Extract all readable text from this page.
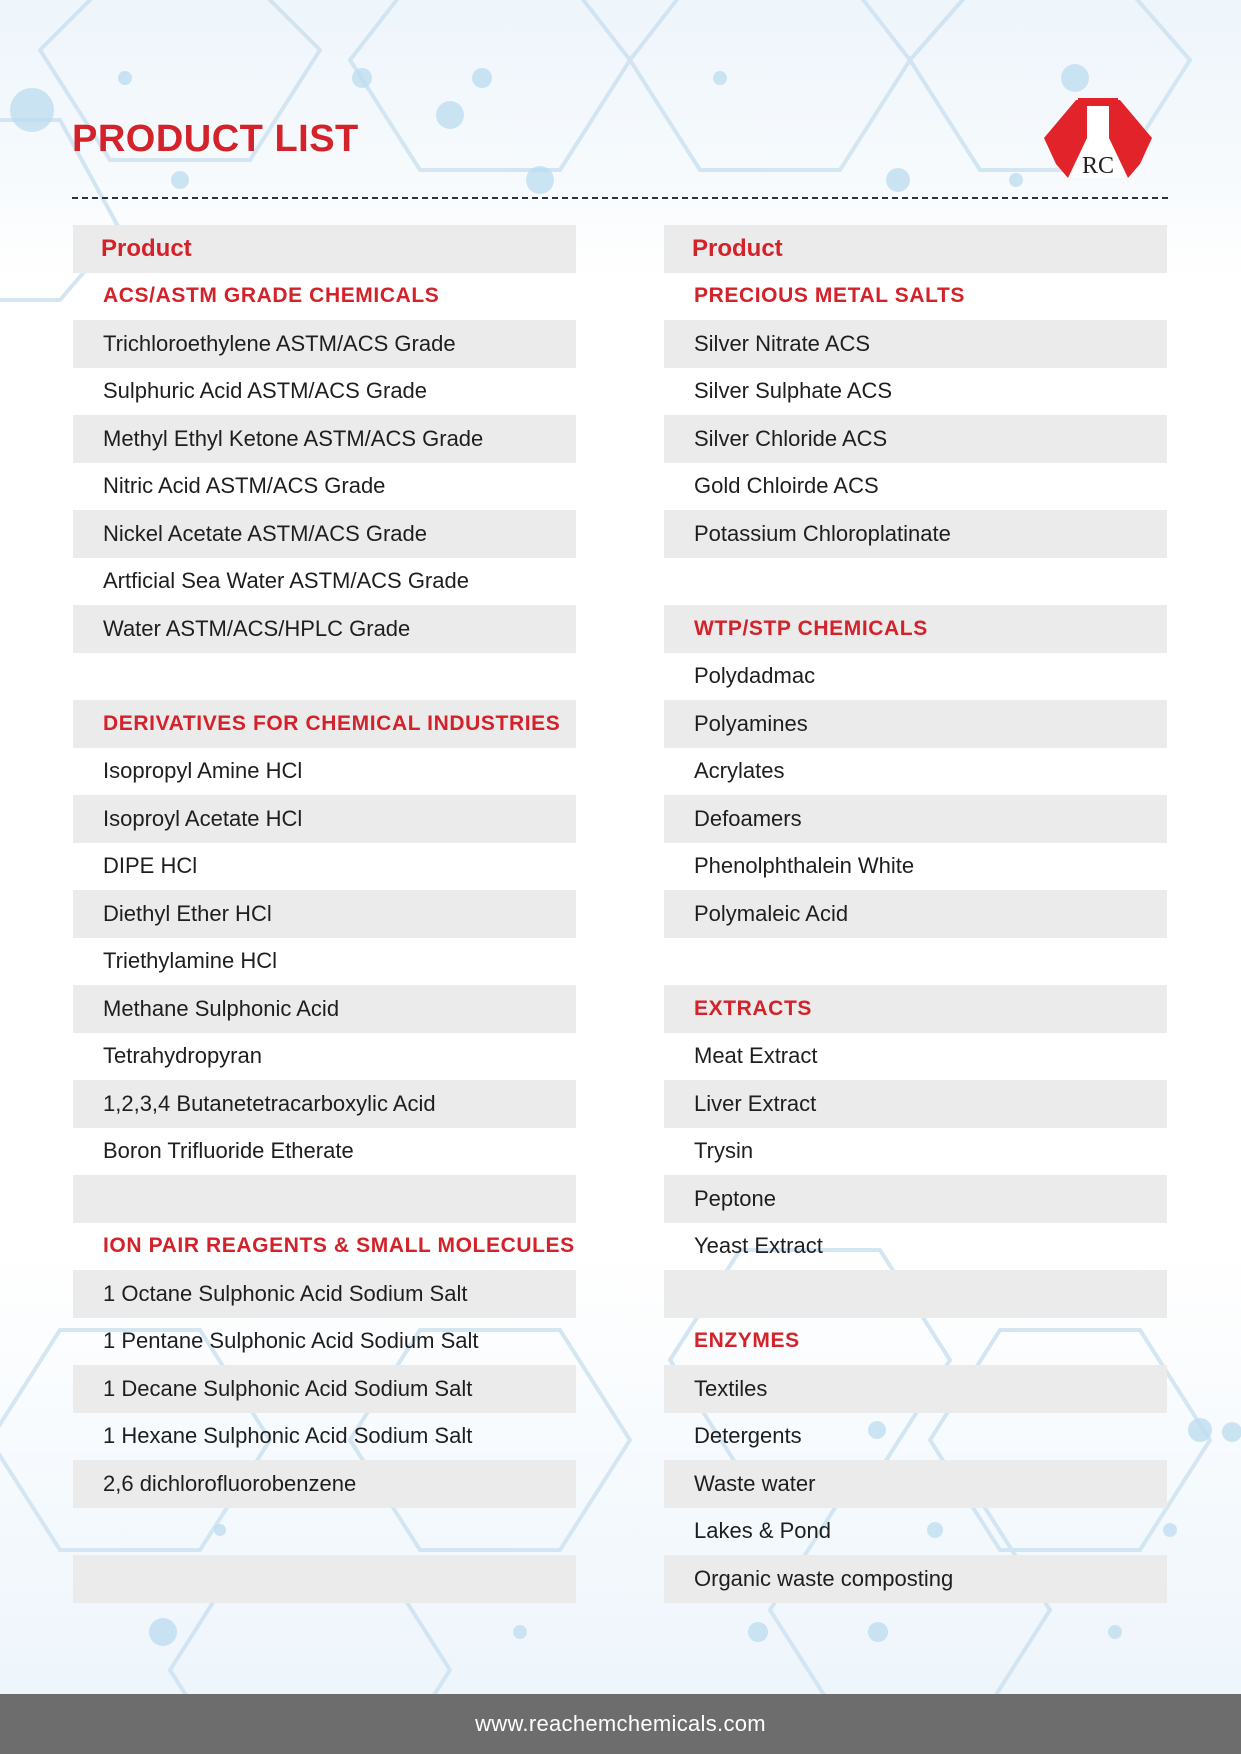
PRODUCT LIST
RC
Product
ACS/ASTM GRADE CHEMICALS
Trichloroethylene ASTM/ACS Grade
Sulphuric Acid ASTM/ACS Grade
Methyl Ethyl Ketone ASTM/ACS Grade
Nitric Acid ASTM/ACS Grade
Nickel Acetate ASTM/ACS Grade
Artficial Sea Water ASTM/ACS Grade
Water ASTM/ACS/HPLC Grade
DERIVATIVES FOR CHEMICAL INDUSTRIES
Isopropyl Amine HCl
Isoproyl Acetate HCl
DIPE HCl
Diethyl Ether HCl
Triethylamine HCl
Methane Sulphonic Acid
Tetrahydropyran
1,2,3,4 Butanetetracarboxylic Acid
Boron Trifluoride Etherate
ION PAIR REAGENTS & SMALL MOLECULES
1 Octane Sulphonic Acid Sodium Salt
1 Pentane Sulphonic Acid Sodium Salt
1 Decane Sulphonic Acid Sodium Salt
1 Hexane Sulphonic Acid Sodium Salt
2,6 dichlorofluorobenzene
Product
PRECIOUS METAL SALTS
Silver Nitrate ACS
Silver Sulphate ACS
Silver Chloride ACS
Gold Chloirde ACS
Potassium Chloroplatinate
WTP/STP CHEMICALS
Polydadmac
Polyamines
Acrylates
Defoamers
Phenolphthalein White
Polymaleic Acid
EXTRACTS
Meat Extract
Liver Extract
Trysin
Peptone
Yeast Extract
ENZYMES
Textiles
Detergents
Waste water
Lakes & Pond
Organic waste composting
www.reachemchemicals.com
